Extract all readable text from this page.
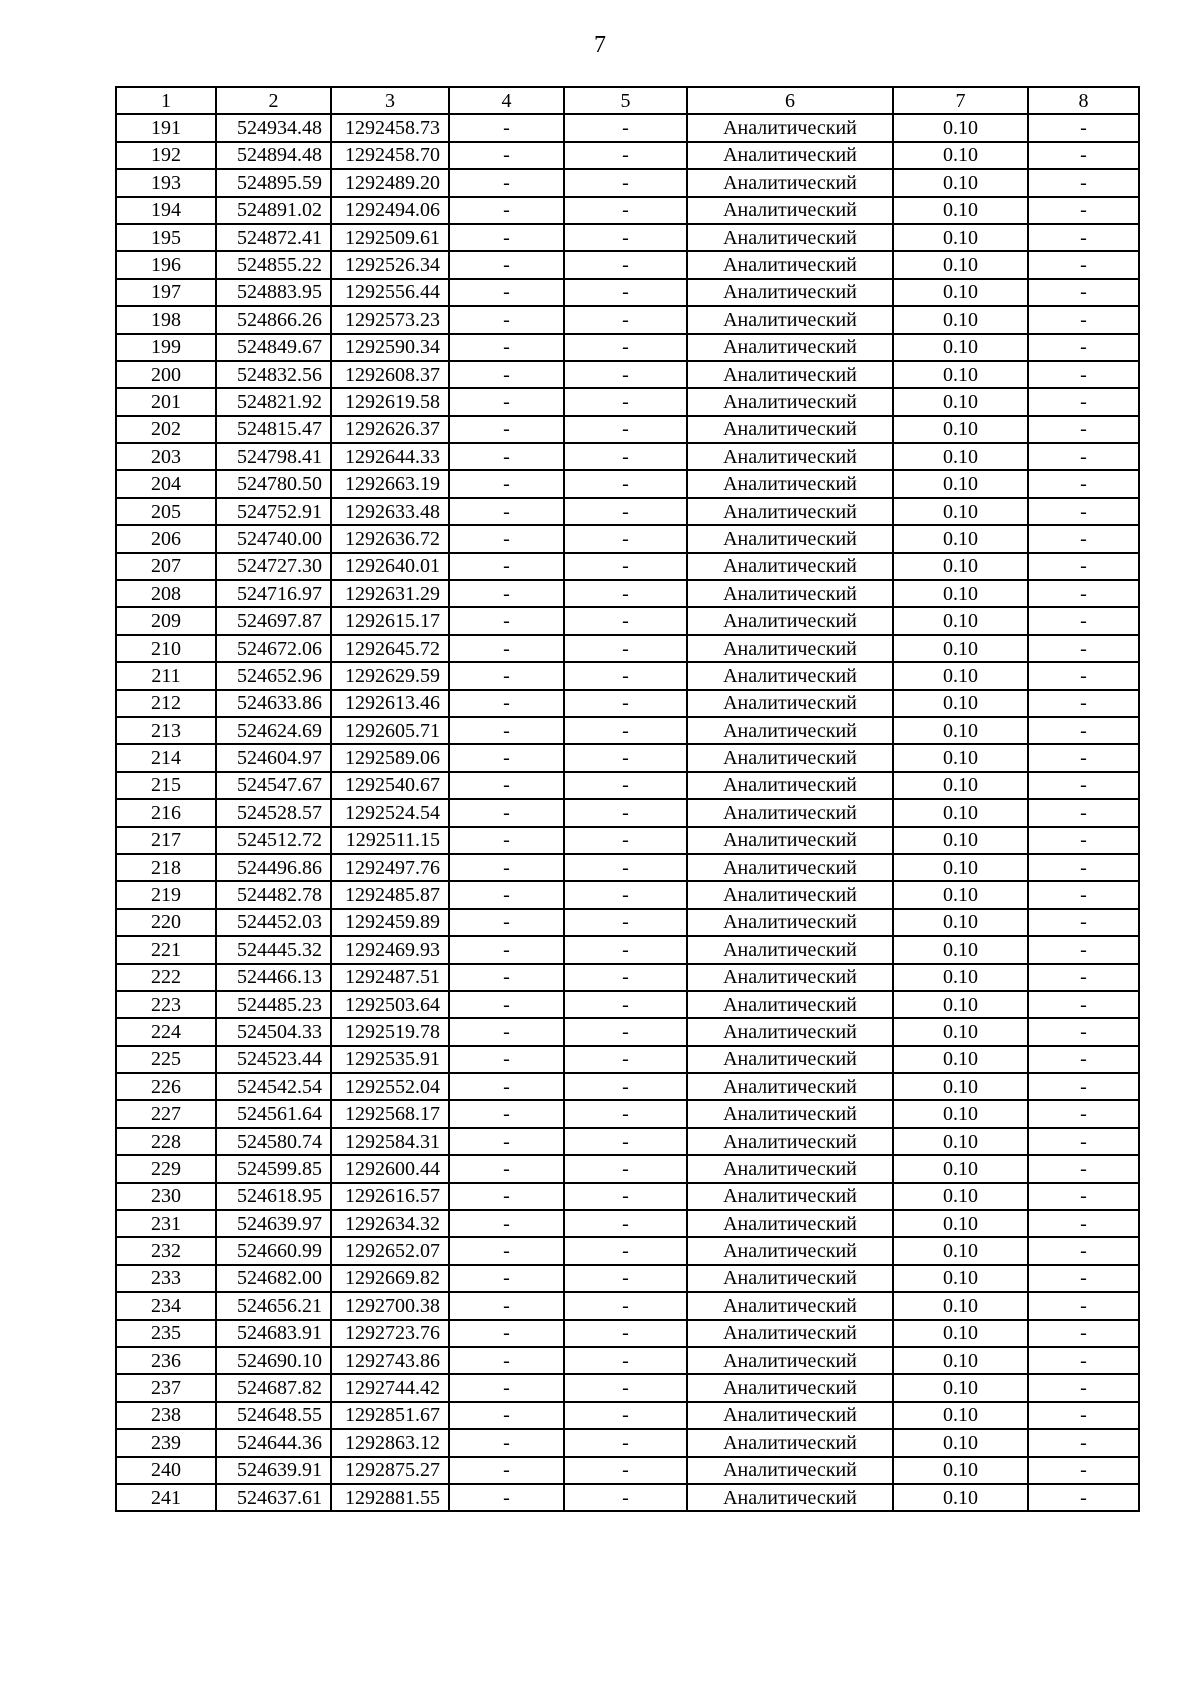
7
1	2	3	4	5	6	7	8
191	524934.48	1292458.73	-	-	Аналитический	0.10	-
192	524894.48	1292458.70	-	-	Аналитический	0.10	-
193	524895.59	1292489.20	-	-	Аналитический	0.10	-
194	524891.02	1292494.06	-	-	Аналитический	0.10	-
195	524872.41	1292509.61	-	-	Аналитический	0.10	-
196	524855.22	1292526.34	-	-	Аналитический	0.10	-
197	524883.95	1292556.44	-	-	Аналитический	0.10	-
198	524866.26	1292573.23	-	-	Аналитический	0.10	-
199	524849.67	1292590.34	-	-	Аналитический	0.10	-
200	524832.56	1292608.37	-	-	Аналитический	0.10	-
201	524821.92	1292619.58	-	-	Аналитический	0.10	-
202	524815.47	1292626.37	-	-	Аналитический	0.10	-
203	524798.41	1292644.33	-	-	Аналитический	0.10	-
204	524780.50	1292663.19	-	-	Аналитический	0.10	-
205	524752.91	1292633.48	-	-	Аналитический	0.10	-
206	524740.00	1292636.72	-	-	Аналитический	0.10	-
207	524727.30	1292640.01	-	-	Аналитический	0.10	-
208	524716.97	1292631.29	-	-	Аналитический	0.10	-
209	524697.87	1292615.17	-	-	Аналитический	0.10	-
210	524672.06	1292645.72	-	-	Аналитический	0.10	-
211	524652.96	1292629.59	-	-	Аналитический	0.10	-
212	524633.86	1292613.46	-	-	Аналитический	0.10	-
213	524624.69	1292605.71	-	-	Аналитический	0.10	-
214	524604.97	1292589.06	-	-	Аналитический	0.10	-
215	524547.67	1292540.67	-	-	Аналитический	0.10	-
216	524528.57	1292524.54	-	-	Аналитический	0.10	-
217	524512.72	1292511.15	-	-	Аналитический	0.10	-
218	524496.86	1292497.76	-	-	Аналитический	0.10	-
219	524482.78	1292485.87	-	-	Аналитический	0.10	-
220	524452.03	1292459.89	-	-	Аналитический	0.10	-
221	524445.32	1292469.93	-	-	Аналитический	0.10	-
222	524466.13	1292487.51	-	-	Аналитический	0.10	-
223	524485.23	1292503.64	-	-	Аналитический	0.10	-
224	524504.33	1292519.78	-	-	Аналитический	0.10	-
225	524523.44	1292535.91	-	-	Аналитический	0.10	-
226	524542.54	1292552.04	-	-	Аналитический	0.10	-
227	524561.64	1292568.17	-	-	Аналитический	0.10	-
228	524580.74	1292584.31	-	-	Аналитический	0.10	-
229	524599.85	1292600.44	-	-	Аналитический	0.10	-
230	524618.95	1292616.57	-	-	Аналитический	0.10	-
231	524639.97	1292634.32	-	-	Аналитический	0.10	-
232	524660.99	1292652.07	-	-	Аналитический	0.10	-
233	524682.00	1292669.82	-	-	Аналитический	0.10	-
234	524656.21	1292700.38	-	-	Аналитический	0.10	-
235	524683.91	1292723.76	-	-	Аналитический	0.10	-
236	524690.10	1292743.86	-	-	Аналитический	0.10	-
237	524687.82	1292744.42	-	-	Аналитический	0.10	-
238	524648.55	1292851.67	-	-	Аналитический	0.10	-
239	524644.36	1292863.12	-	-	Аналитический	0.10	-
240	524639.91	1292875.27	-	-	Аналитический	0.10	-
241	524637.61	1292881.55	-	-	Аналитический	0.10	-
